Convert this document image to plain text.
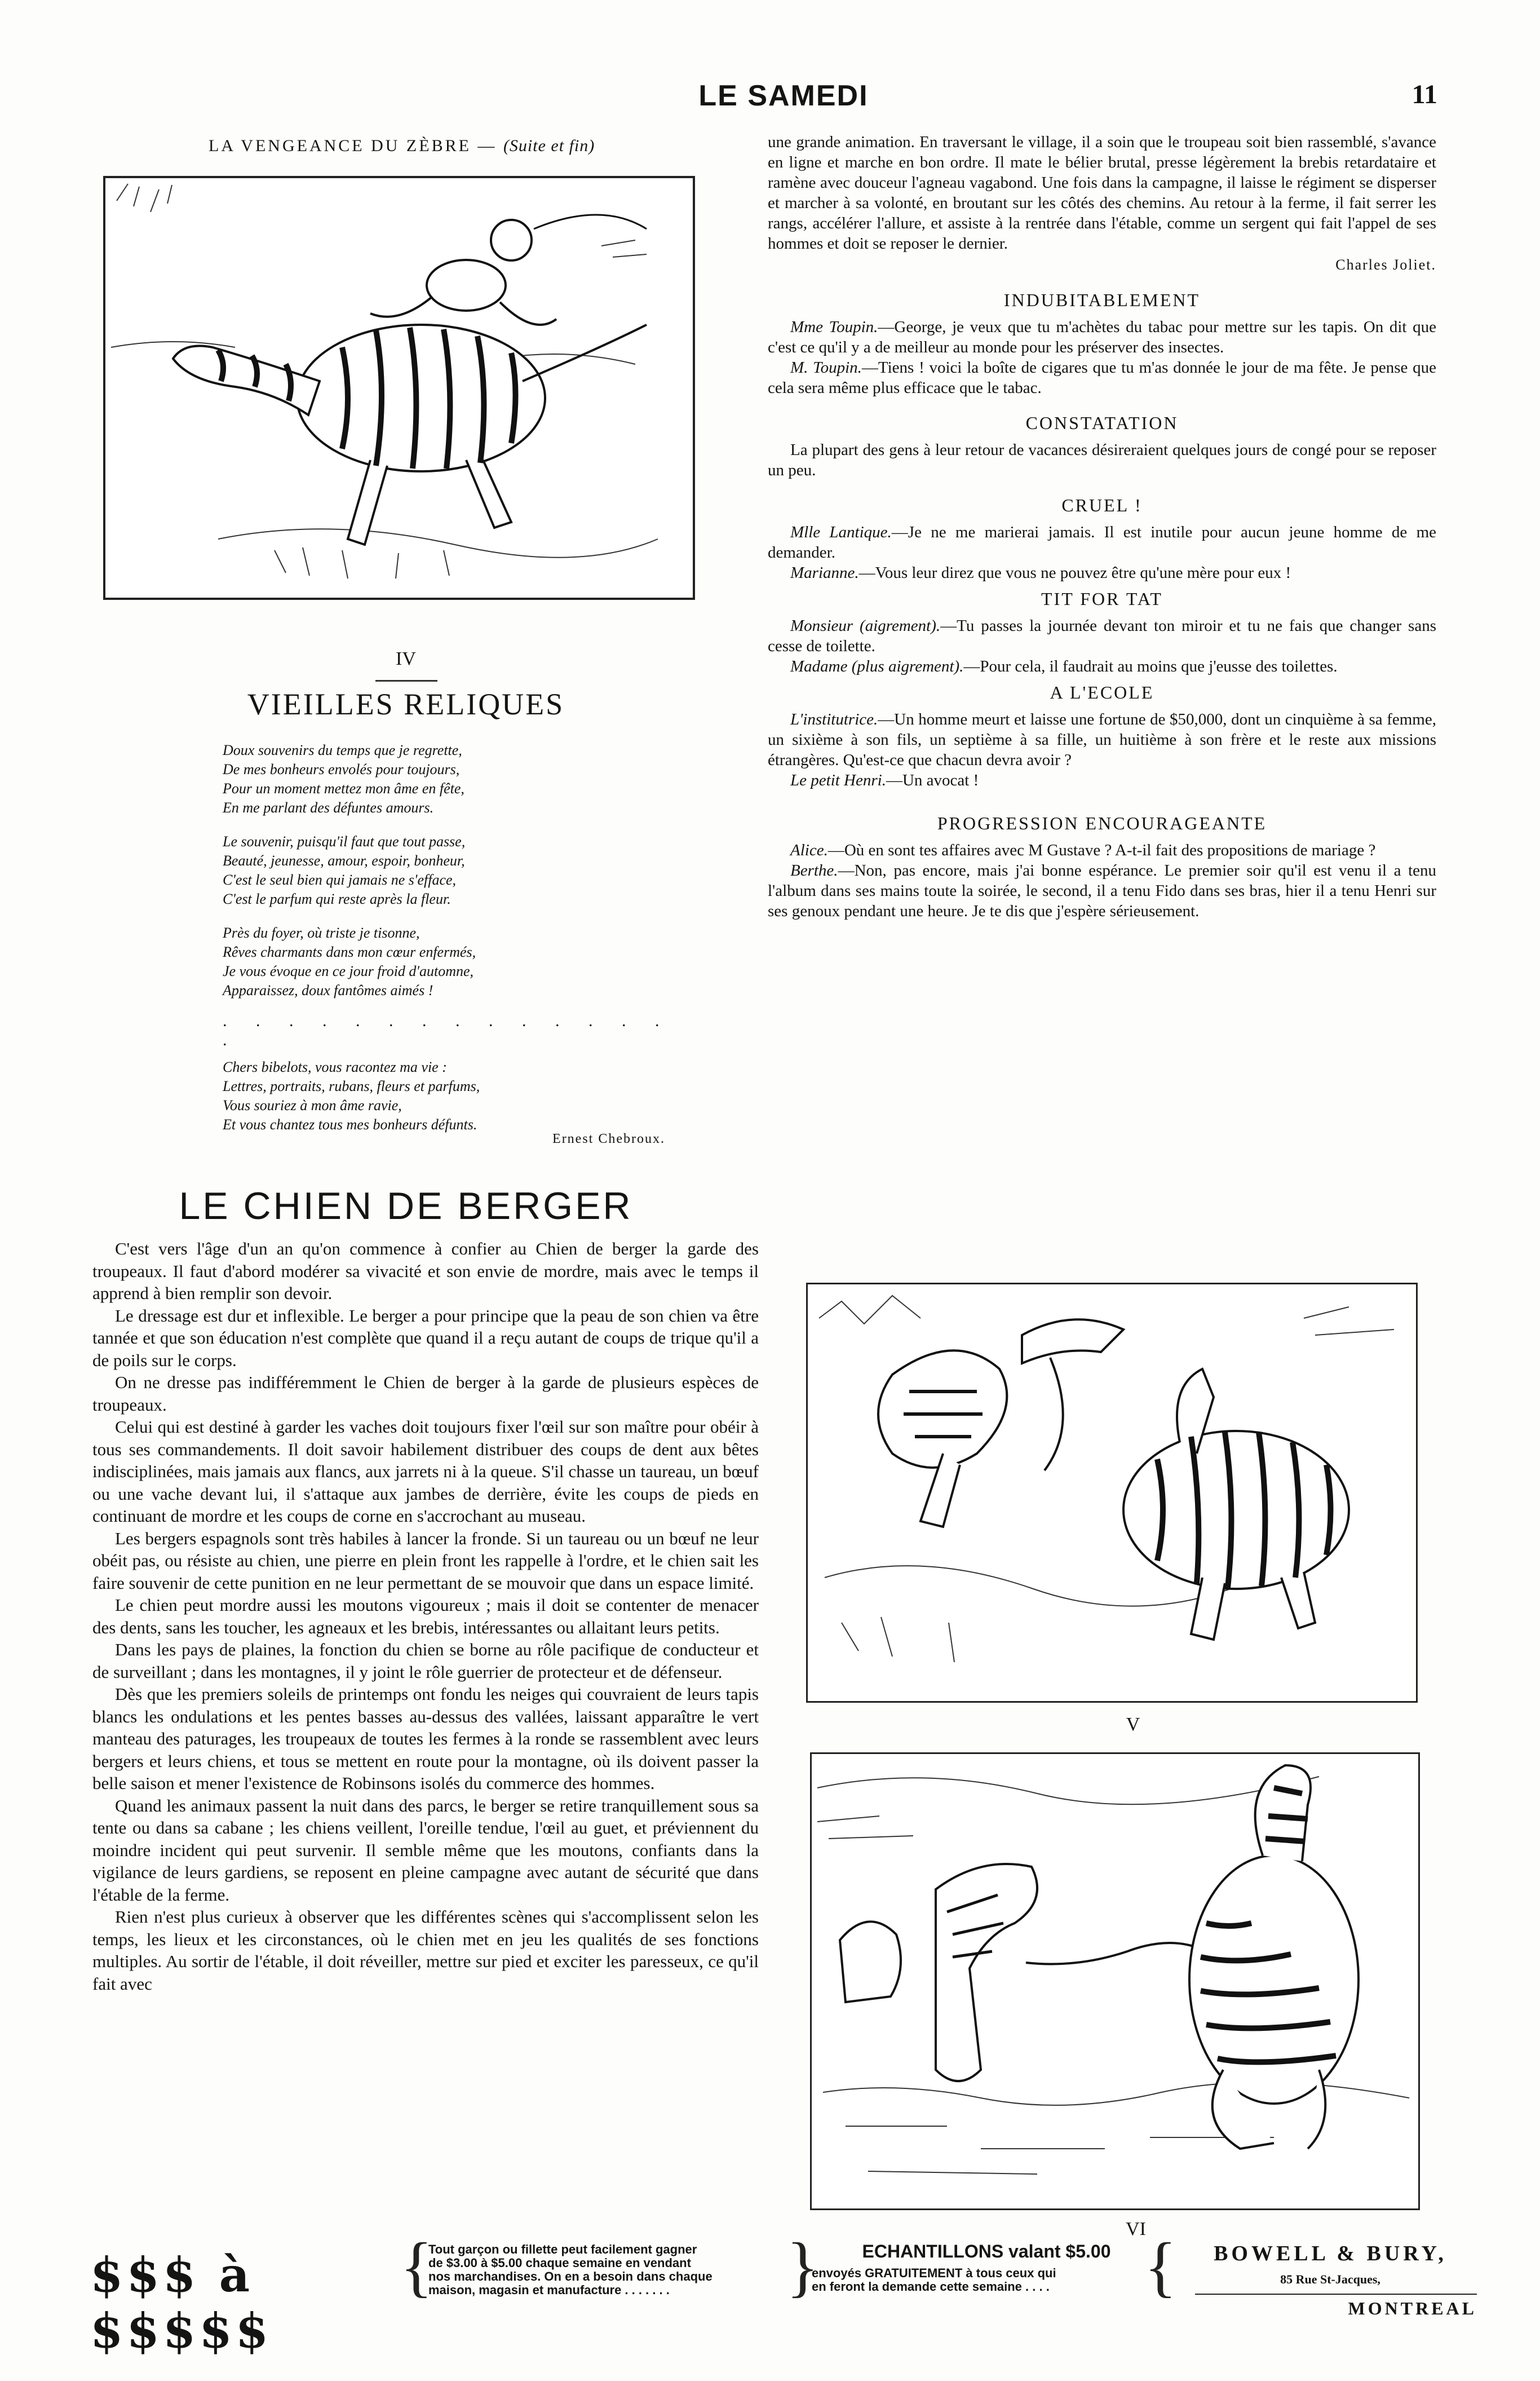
LE SAMEDI	11
LA VENGEANCE DU ZÈBRE — (Suite et fin)
IV
VIEILLES RELIQUES

Doux souvenirs du temps que je regrette,
De mes bonheurs envolés pour toujours,
Pour un moment mettez mon âme en fête,
En me parlant des défuntes amours.

Le souvenir, puisqu'il faut que tout passe,
Beauté, jeunesse, amour, espoir, bonheur,
C'est le seul bien qui jamais ne s'efface,
C'est le parfum qui reste après la fleur.

Près du foyer, où triste je tisonne,
Rêves charmants dans mon cœur enfermés,
Je vous évoque en ce jour froid d'automne,
Apparaissez, doux fantômes aimés !

. . . . . . . . . . . . . . .

Chers bibelots, vous racontez ma vie :
Lettres, portraits, rubans, fleurs et parfums,
Vous souriez à mon âme ravie,
Et vous chantez tous mes bonheurs défunts.

Ernest Chebroux.
LE CHIEN DE BERGER

C'est vers l'âge d'un an qu'on commence à confier au Chien de berger la garde des troupeaux. Il faut d'abord modérer sa vivacité et son envie de mordre, mais avec le temps il apprend à bien remplir son devoir.

Le dressage est dur et inflexible. Le berger a pour principe que la peau de son chien va être tannée et que son éducation n'est complète que quand il a reçu autant de coups de trique qu'il a de poils sur le corps.

On ne dresse pas indifféremment le Chien de berger à la garde de plusieurs espèces de troupeaux.

Celui qui est destiné à garder les vaches doit toujours fixer l'œil sur son maître pour obéir à tous ses commandements. Il doit savoir habilement distribuer des coups de dent aux bêtes indisciplinées, mais jamais aux flancs, aux jarrets ni à la queue. S'il chasse un taureau, un bœuf ou une vache devant lui, il s'attaque aux jambes de derrière, évite les coups de pieds en continuant de mordre et les coups de corne en s'accrochant au museau.

Les bergers espagnols sont très habiles à lancer la fronde. Si un taureau ou un bœuf ne leur obéit pas, ou résiste au chien, une pierre en plein front les rappelle à l'ordre, et le chien sait les faire souvenir de cette punition en ne leur permettant de se mouvoir que dans un espace limité.

Le chien peut mordre aussi les moutons vigoureux ; mais il doit se contenter de menacer des dents, sans les toucher, les agneaux et les brebis, intéressantes ou allaitant leurs petits.

Dans les pays de plaines, la fonction du chien se borne au rôle pacifique de conducteur et de surveillant ; dans les montagnes, il y joint le rôle guerrier de protecteur et de défenseur.

Dès que les premiers soleils de printemps ont fondu les neiges qui couvraient de leurs tapis blancs les ondulations et les pentes basses au-dessus des vallées, laissant apparaître le vert manteau des paturages, les troupeaux de toutes les fermes à la ronde se rassemblent avec leurs bergers et leurs chiens, et tous se mettent en route pour la montagne, où ils doivent passer la belle saison et mener l'existence de Robinsons isolés du commerce des hommes.

Quand les animaux passent la nuit dans des parcs, le berger se retire tranquillement sous sa tente ou dans sa cabane ; les chiens veillent, l'oreille tendue, l'œil au guet, et préviennent du moindre incident qui peut survenir. Il semble même que les moutons, confiants dans la vigilance de leurs gardiens, se reposent en pleine campagne avec autant de sécurité que dans l'étable de la ferme.

Rien n'est plus curieux à observer que les différentes scènes qui s'accomplissent selon les temps, les lieux et les circonstances, où le chien met en jeu les qualités de ses fonctions multiples. Au sortir de l'étable, il doit réveiller, mettre sur pied et exciter les paresseux, ce qu'il fait avec

une grande animation. En traversant le village, il a soin que le troupeau soit bien rassemblé, s'avance en ligne et marche en bon ordre. Il mate le bélier brutal, presse légèrement la brebis retardataire et ramène avec douceur l'agneau vagabond. Une fois dans la campagne, il laisse le régiment se disperser et marcher à sa volonté, en broutant sur les côtés des chemins. Au retour à la ferme, il fait serrer les rangs, accélérer l'allure, et assiste à la rentrée dans l'étable, comme un sergent qui fait l'appel de ses hommes et doit se reposer le dernier.

Charles Joliet.
INDUBITABLEMENT

Mme Toupin.—George, je veux que tu m'achètes du tabac pour mettre sur les tapis. On dit que c'est ce qu'il y a de meilleur au monde pour les préserver des insectes.

M. Toupin.—Tiens ! voici la boîte de cigares que tu m'as donnée le jour de ma fête. Je pense que cela sera même plus efficace que le tabac.

CONSTATATION

La plupart des gens à leur retour de vacances désireraient quelques jours de congé pour se reposer un peu.

CRUEL !

Mlle Lantique.—Je ne me marierai jamais. Il est inutile pour aucun jeune homme de me demander.

Marianne.—Vous leur direz que vous ne pouvez être qu'une mère pour eux !

TIT FOR TAT

Monsieur (aigrement).—Tu passes la journée devant ton miroir et tu ne fais que changer sans cesse de toilette.

Madame (plus aigrement).—Pour cela, il faudrait au moins que j'eusse des toilettes.

A L'ECOLE

L'institutrice.—Un homme meurt et laisse une fortune de $50,000, dont un cinquième à sa femme, un sixième à son fils, un septième à sa fille, un huitième à son frère et le reste aux missions étrangères. Qu'est-ce que chacun devra avoir ?

Le petit Henri.—Un avocat !

PROGRESSION ENCOURAGEANTE

Alice.—Où en sont tes affaires avec M Gustave ? A-t-il fait des propositions de mariage ?

Berthe.—Non, pas encore, mais j'ai bonne espérance. Le premier soir qu'il est venu il a tenu l'album dans ses mains toute la soirée, le second, il a tenu Fido dans ses bras, hier il a tenu Henri sur ses genoux pendant une heure. Je te dis que j'espère sérieusement.

V
VI
$$$ à $$$$$
{
Tout garçon ou fillette peut facilement gagner
de $3.00 à $5.00 chaque semaine en vendant
nos marchandises. On en a besoin dans chaque
maison, magasin et manufacture . . . . . . .	}	ECHANTILLONS valant $5.00
envoyés GRATUITEMENT à tous ceux qui
en feront la demande cette semaine . . . .	{	BOWELL & BURY,
85 Rue St-Jacques,
MONTREAL
